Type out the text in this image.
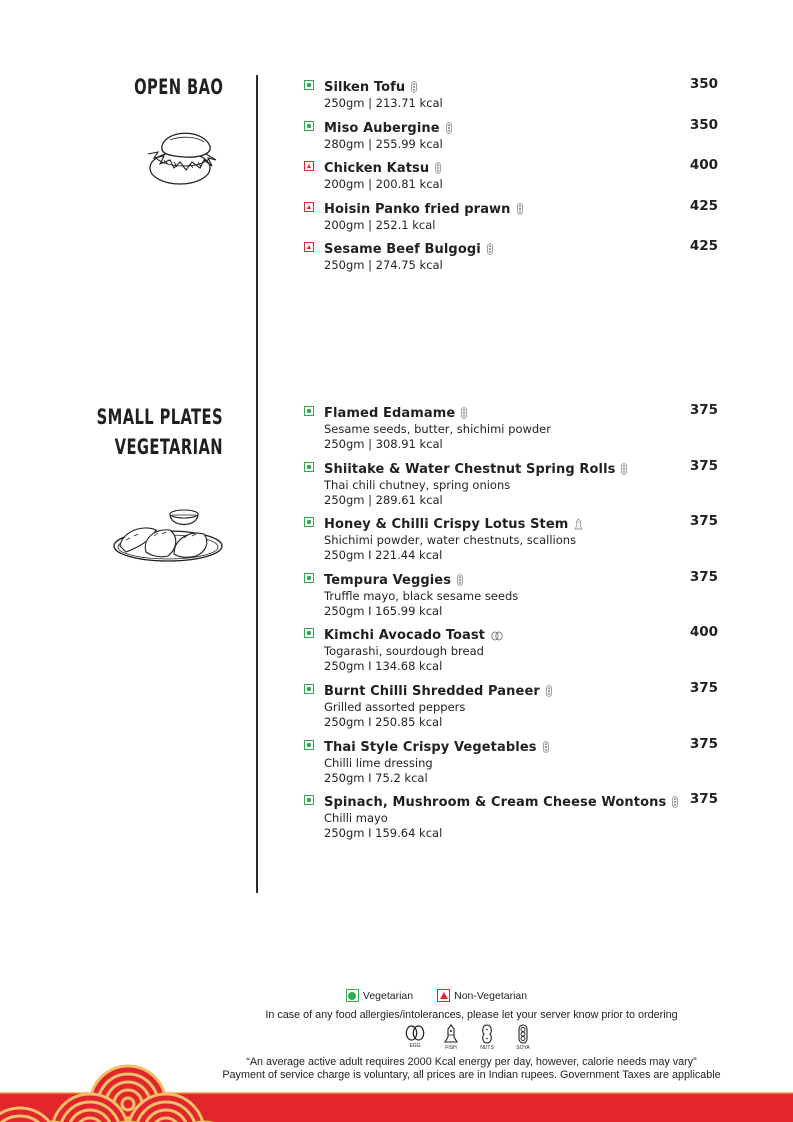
OPEN BAO	Silken Tofu	350
250gm | 213.71 kcal
Miso Aubergine	350
280gm | 255.99 kcal
Chicken Katsu	400
200gm | 200.81 kcal
Hoisin Panko fried prawn	425
200gm | 252.1 kcal
Sesame Beef Bulgogi	425
250gm | 274.75 kcal
SMALL PLATES
VEGETARIAN
Flamed Edamame	375
Sesame seeds, butter, shichimi powder
250gm | 308.91 kcal
Shiitake & Water Chestnut Spring Rolls	375
Thai chili chutney, spring onions
250gm | 289.61 kcal
Honey & Chilli Crispy Lotus Stem	375
Shichimi powder, water chestnuts, scallions
250gm I 221.44 kcal
Tempura Veggies	375
Truffle mayo, black sesame seeds
250gm I 165.99 kcal
Kimchi Avocado Toast	400
Togarashi, sourdough bread
250gm I 134.68 kcal
Burnt Chilli Shredded Paneer	375
Grilled assorted peppers
250gm I 250.85 kcal
Thai Style Crispy Vegetables	375
Chilli lime dressing
250gm I 75.2 kcal
Spinach, Mushroom & Cream Cheese Wontons 375
Chilli mayo
250gm I 159.64 kcal
Vegetarian	Non-Vegetarian
In case of any food allergies/intolerances, please let your server know prior to ordering
EGG	FISH	NUTS	SOYA
“An average active adult requires 2000 Kcal energy per day, however, calorie needs may vary”
Payment of service charge is voluntary, all prices are in Indian rupees. Government Taxes are applicable
